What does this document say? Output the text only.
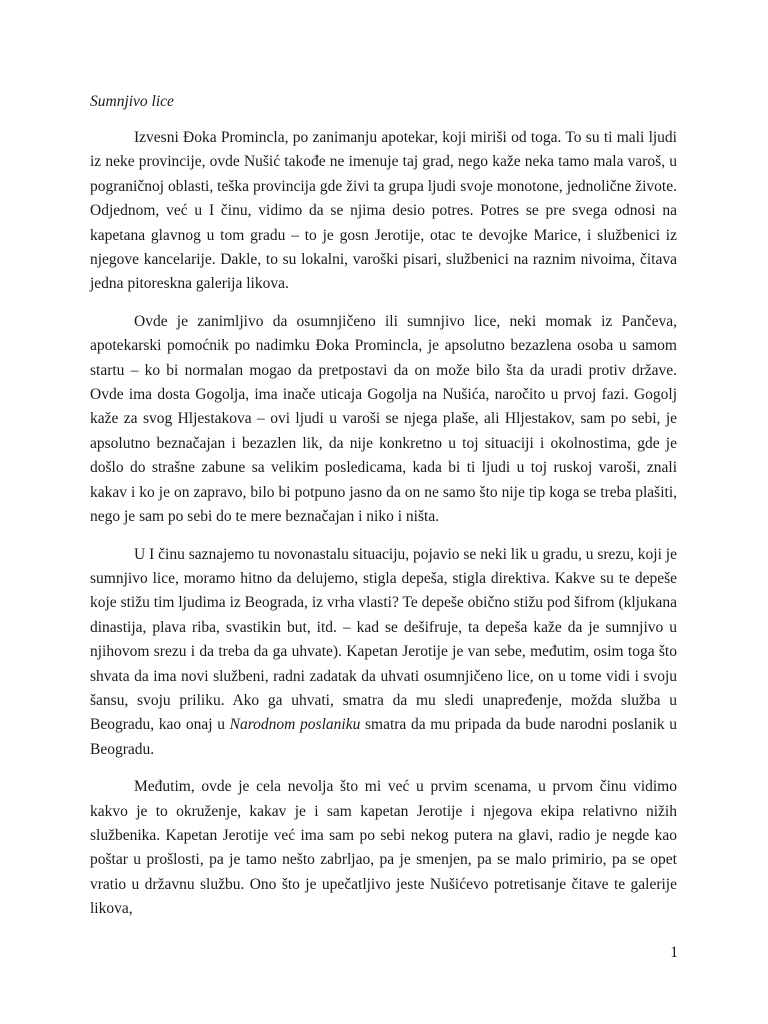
Sumnjivo lice

Izvesni Đoka Promincla, po zanimanju apotekar, koji miriši od toga. To su ti mali ljudi iz neke provincije, ovde Nušić takođe ne imenuje taj grad, nego kaže neka tamo mala varoš, u pograničnoj oblasti, teška provincija gde živi ta grupa ljudi svoje monotone, jednolične živote. Odjednom, već u I činu, vidimo da se njima desio potres. Potres se pre svega odnosi na kapetana glavnog u tom gradu – to je gosn Jerotije, otac te devojke Marice, i službenici iz njegove kancelarije. Dakle, to su lokalni, varoški pisari, službenici na raznim nivoima, čitava jedna pitoreskna galerija likova.

Ovde je zanimljivo da osumnjičeno ili sumnjivo lice, neki momak iz Pančeva, apotekarski pomoćnik po nadimku Đoka Promincla, je apsolutno bezazlena osoba u samom startu – ko bi normalan mogao da pretpostavi da on može bilo šta da uradi protiv države. Ovde ima dosta Gogolja, ima inače uticaja Gogolja na Nušića, naročito u prvoj fazi. Gogolj kaže za svog Hljestakova – ovi ljudi u varoši se njega plaše, ali Hljestakov, sam po sebi, je apsolutno beznačajan i bezazlen lik, da nije konkretno u toj situaciji i okolnostima, gde je došlo do strašne zabune sa velikim posledicama, kada bi ti ljudi u toj ruskoj varoši, znali kakav i ko je on zapravo, bilo bi potpuno jasno da on ne samo što nije tip koga se treba plašiti, nego je sam po sebi do te mere beznačajan i niko i ništa.

U I činu saznajemo tu novonastalu situaciju, pojavio se neki lik u gradu, u srezu, koji je sumnjivo lice, moramo hitno da delujemo, stigla depeša, stigla direktiva. Kakve su te depeše koje stižu tim ljudima iz Beograda, iz vrha vlasti? Te depeše obično stižu pod šifrom (kljukana dinastija, plava riba, svastikin but, itd. – kad se dešifruje, ta depeša kaže da je sumnjivo u njihovom srezu i da treba da ga uhvate). Kapetan Jerotije je van sebe, međutim, osim toga što shvata da ima novi službeni, radni zadatak da uhvati osumnjičeno lice, on u tome vidi i svoju šansu, svoju priliku. Ako ga uhvati, smatra da mu sledi unapređenje, možda služba u Beogradu, kao onaj u Narodnom poslaniku smatra da mu pripada da bude narodni poslanik u Beogradu.

Međutim, ovde je cela nevolja što mi već u prvim scenama, u prvom činu vidimo kakvo je to okruženje, kakav je i sam kapetan Jerotije i njegova ekipa relativno nižih službenika. Kapetan Jerotije već ima sam po sebi nekog putera na glavi, radio je negde kao poštar u prošlosti, pa je tamo nešto zabrljao, pa je smenjen, pa se malo primirio, pa se opet vratio u državnu službu. Ono što je upečatljivo jeste Nušićevo potretisanje čitave te galerije likova,

1
